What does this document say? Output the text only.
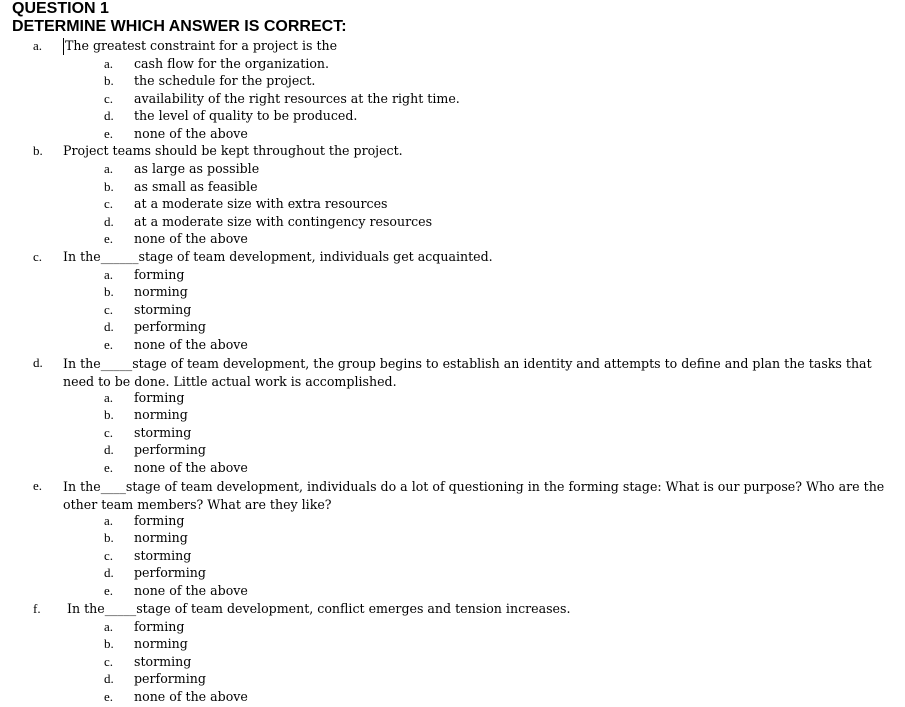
QUESTION 1
DETERMINE WHICH ANSWER IS CORRECT:
a. The greatest constraint for a project is the
a. cash flow for the organization.
b. the schedule for the project.
c. availability of the right resources at the right time.
d. the level of quality to be produced.
e. none of the above
b. Project teams should be kept throughout the project.
a. as large as possible
b. as small as feasible
c. at a moderate size with extra resources
d. at a moderate size with contingency resources
e. none of the above
c. In the______stage of team development, individuals get acquainted.
a. forming
b. norming
c. storming
d. performing
e. none of the above
d. In the_____stage of team development, the group begins to establish an identity and attempts to define and plan the tasks that need to be done. Little actual work is accomplished.
a. forming
b. norming
c. storming
d. performing
e. none of the above
e. In the____stage of team development, individuals do a lot of questioning in the forming stage: What is our purpose? Who are the other team members? What are they like?
a. forming
b. norming
c. storming
d. performing
e. none of the above
f. In the_____stage of team development, conflict emerges and tension increases.
a. forming
b. norming
c. storming
d. performing
e. none of the above
